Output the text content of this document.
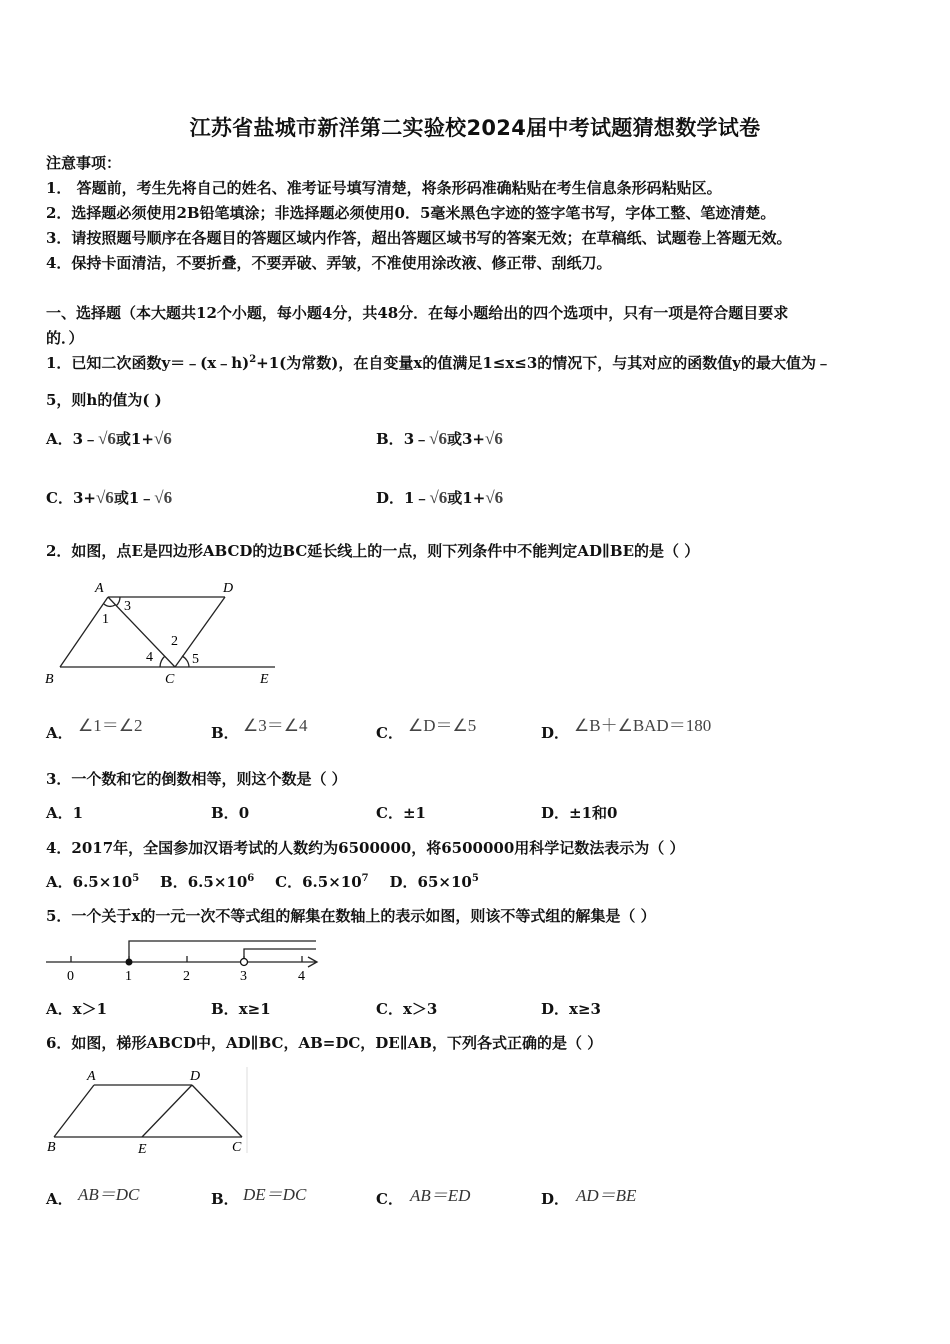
江苏省盐城市新洋第二实验校2024届中考试题猜想数学试卷
注意事项：
1． 答题前，考生先将自己的姓名、准考证号填写清楚，将条形码准确粘贴在考生信息条形码粘贴区。
2．选择题必须使用2B铅笔填涂；非选择题必须使用0．5毫米黑色字迹的签字笔书写，字体工整、笔迹清楚。
3．请按照题号顺序在各题目的答题区域内作答，超出答题区域书写的答案无效；在草稿纸、试题卷上答题无效。
4．保持卡面清洁，不要折叠，不要弄破、弄皱，不准使用涂改液、修正带、刮纸刀。
一、选择题（本大题共12个小题，每小题4分，共48分．在每小题给出的四个选项中，只有一项是符合题目要求
的．）
1．已知二次函数y＝﹣(x﹣h)$^2$+1(为常数)，在自变量x的值满足1≤x≤3的情况下，与其对应的函数值y的最大值为﹣
5，则h的值为( )
A．3﹣√6或1+√6	B．3﹣√6或3+√6
C．3+√6或1﹣√6	D．1﹣√6或1+√6
2．如图，点E是四边形ABCD的边BC延长线上的一点，则下列条件中不能判定AD∥BE的是（ ）
A	D
B	C	E
1
2
3
4	5
A． ∠1＝∠2	B． ∠3＝∠4	C． ∠D＝∠5	D． ∠B＋∠BAD＝180
3．一个数和它的倒数相等，则这个数是（ ）
A．1	B．0	C．±1	D．±1和0
4．2017年，全国参加汉语考试的人数约为6500000，将6500000用科学记数法表示为（ ）
A．$6.5\times 10^5$ B．$6.5\times 10^6$ C．$6.5\times 10^7$ D．$65\times 10^5$
5．一个关于x的一元一次不等式组的解集在数轴上的表示如图，则该不等式组的解集是（ ）
0	1	2	3	4
A．x＞1	B．x≥1	C．x＞3	D．x≥3
6．如图，梯形ABCD中，AD∥BC，AB=DC，DE∥AB，下列各式正确的是（ ）
A	D
B	E	C
A． AB＝DC	B． DE＝DC	C． AB＝ED	D． AD＝BE
